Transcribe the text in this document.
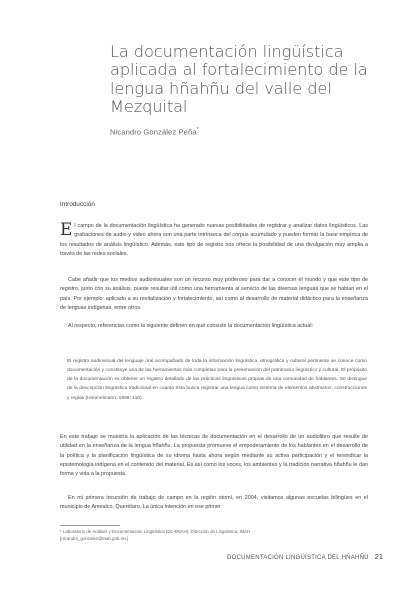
La documentación lingüística aplicada al fortalecimiento de la lengua hñahñu del valle del Mezquital
Nicandro González Peña*
Introducción

El campo de la documentación lingüística ha generado nuevas posibilidades de registrar y analizar datos lingüísticos. Las grabaciones de audio y video ahora son una parte intrínseca del corpus acumulado y pueden formar la base empírica de los resultados de análisis lingüístico. Además, este tipo de registro nos ofrece la posibilidad de una divulgación muy amplia a través de las redes sociales.

Cabe añadir que los medios audiovisuales son un recurso muy poderoso para dar a conocer el mundo y que este tipo de registro, junto con su análisis, puede resultar útil como una herramienta al servicio de las diversas lenguas que se hablan en el país. Por ejemplo: aplicado a su revitalización y fortalecimiento, así como al desarrollo de material didáctico para la enseñanza de lenguas indígenas, entre otros.

Al respecto, referencias como la siguiente definen en qué consiste la documentación lingüística actual:

El registro audiovisual del lenguaje oral acompañado de toda la información lingüística, etnográfica y cultural pertinente se conoce como documentación y constituye una de las herramientas más completas para la preservación del patrimonio lingüístico y cultural. El propósito de la documentación es obtener un registro detallado de las prácticas lingüísticas propias de una comunidad de hablantes. Se distingue de la descripción lingüística tradicional en cuanto ésta busca registrar una lengua como sistema de elementos abstractos, construcciones y reglas (Himmelmann, 1998: 116).

En este trabajo se muestra la aplicación de las técnicas de documentación en el desarrollo de un audiolibro que resulte de utilidad en la enseñanza de la lengua hñahñu. La propuesta promueve el empoderamiento de los hablantes en el desarrollo de la política y la planificación lingüística de su idioma hasta ahora según mediante su activa participación y el reivindicar la epistemología indígena en el contenido del material. Es así como los voces, los ambientes y la tradición narrativa hñahñu le dan forma y vida a la propuesta.

En mi primera incursión de trabajo de campo en la región otomí, en 2004, visitamos algunas escuelas bilingües en el municipio de Amealco, Querétaro. La única intención en ese primer

* Laboratorio de Análisis y Documentación Lingüística (DL-ENAH), Dirección de Lingüística, INAH
[nicandro_gonzalez@inah.gob.mx]

DOCUMENTACIÓN LINGÜÍSTICA DEL HÑAHÑU 21
